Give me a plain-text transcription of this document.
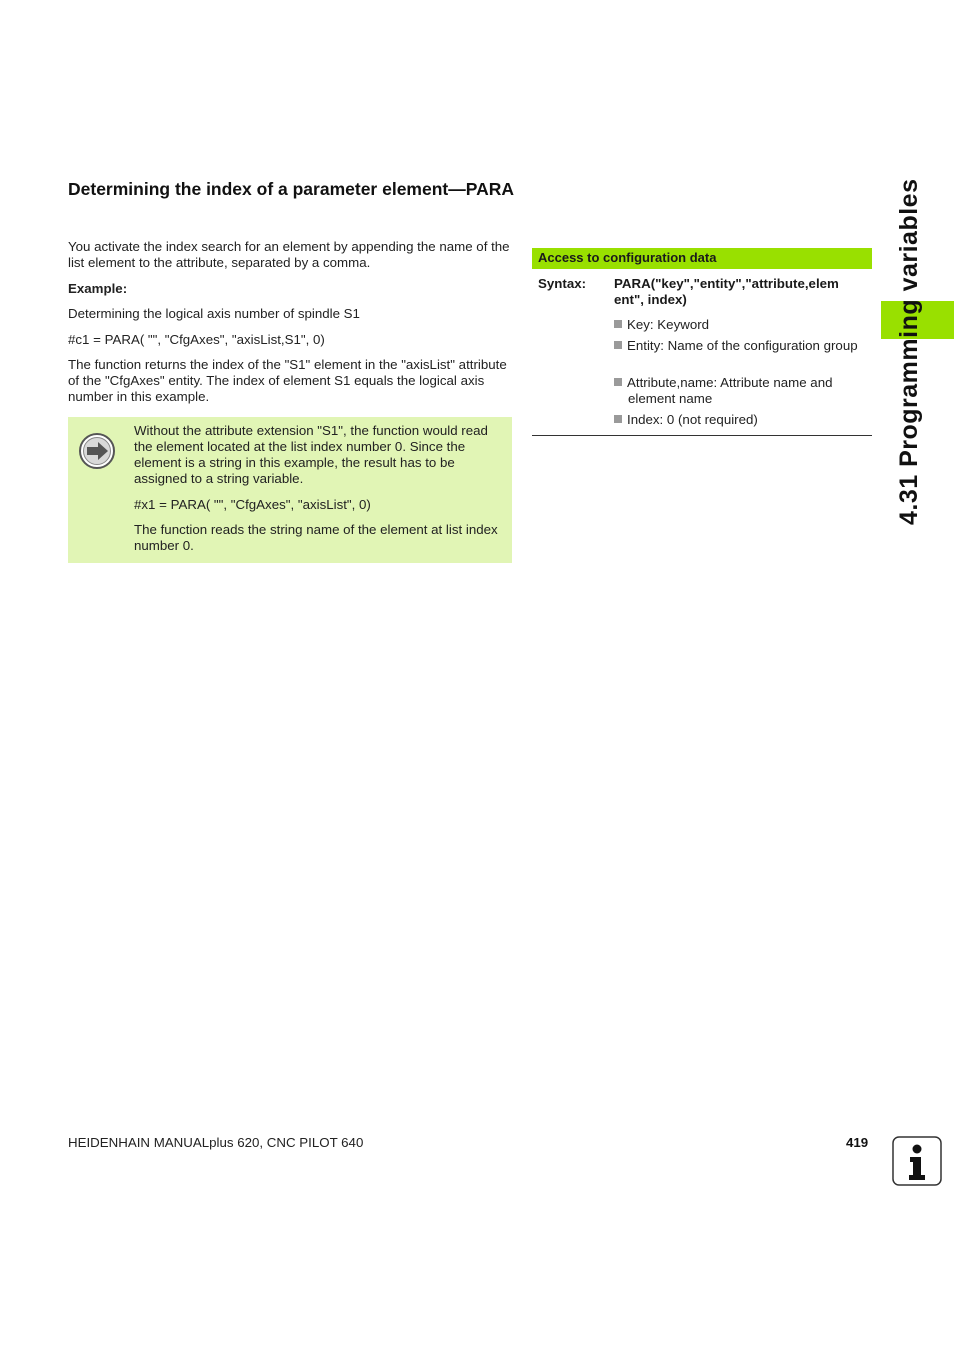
Determining the index of a parameter element—PARA
You activate the index search for an element by appending the name of the list element to the attribute, separated by a comma.
Example:
Determining the logical axis number of spindle S1
#c1 = PARA( "", "CfgAxes", "axisList,S1", 0)
The function returns the index of the "S1" element in the "axisList" attribute of the "CfgAxes" entity. The index of element S1 equals the logical axis number in this example.
Without the attribute extension "S1", the function would read the element located at the list index number 0. Since the element is a string in this example, the result has to be assigned to a string variable.
#x1 = PARA( "", "CfgAxes", "axisList", 0)
The function reads the string name of the element at list index number 0.
Access to configuration data
Syntax: PARA("key","entity","attribute,elem
ent", index)
Key: Keyword
Entity: Name of the configuration group
Attribute,name: Attribute name and element name
Index: 0 (not required)	4.31 Programming variables
HEIDENHAIN MANUALplus 620, CNC PILOT 640	419
